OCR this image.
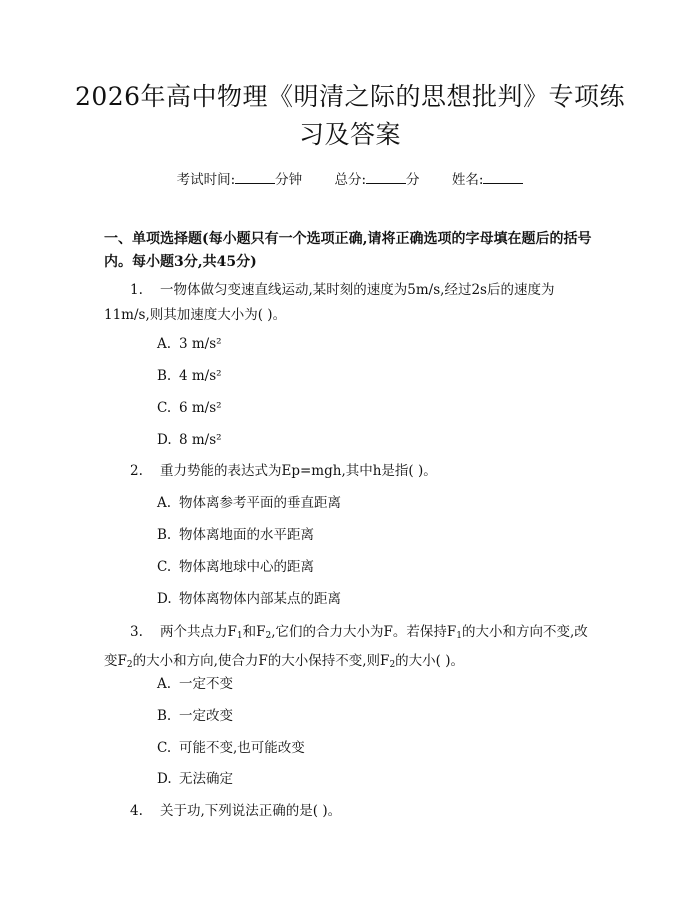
2026年高中物理《明清之际的思想批判》专项练习及答案
考试时间:	分钟 总分:	分 姓名:
一、单项选择题(每小题只有一个选项正确,请将正确选项的字母填在题后的括号内。每小题3分,共45分)
1. 一物体做匀变速直线运动,某时刻的速度为5m/s,经过2s后的速度为11m/s,则其加速度大小为( )。
A. 3 m/s²
B. 4 m/s²
C. 6 m/s²
D. 8 m/s²
2. 重力势能的表达式为Ep=mgh,其中h是指( )。
A. 物体离参考平面的垂直距离
B. 物体离地面的水平距离
C. 物体离地球中心的距离
D. 物体离物体内部某点的距离
3. 两个共点力$F_1$和$F_2$,它们的合力大小为F。若保持$F_1$的大小和方向不变,改变$F_2$的大小和方向,使合力F的大小保持不变,则$F_2$的大小( )。
A. 一定不变
B. 一定改变
C. 可能不变,也可能改变
D. 无法确定
4. 关于功,下列说法正确的是( )。
